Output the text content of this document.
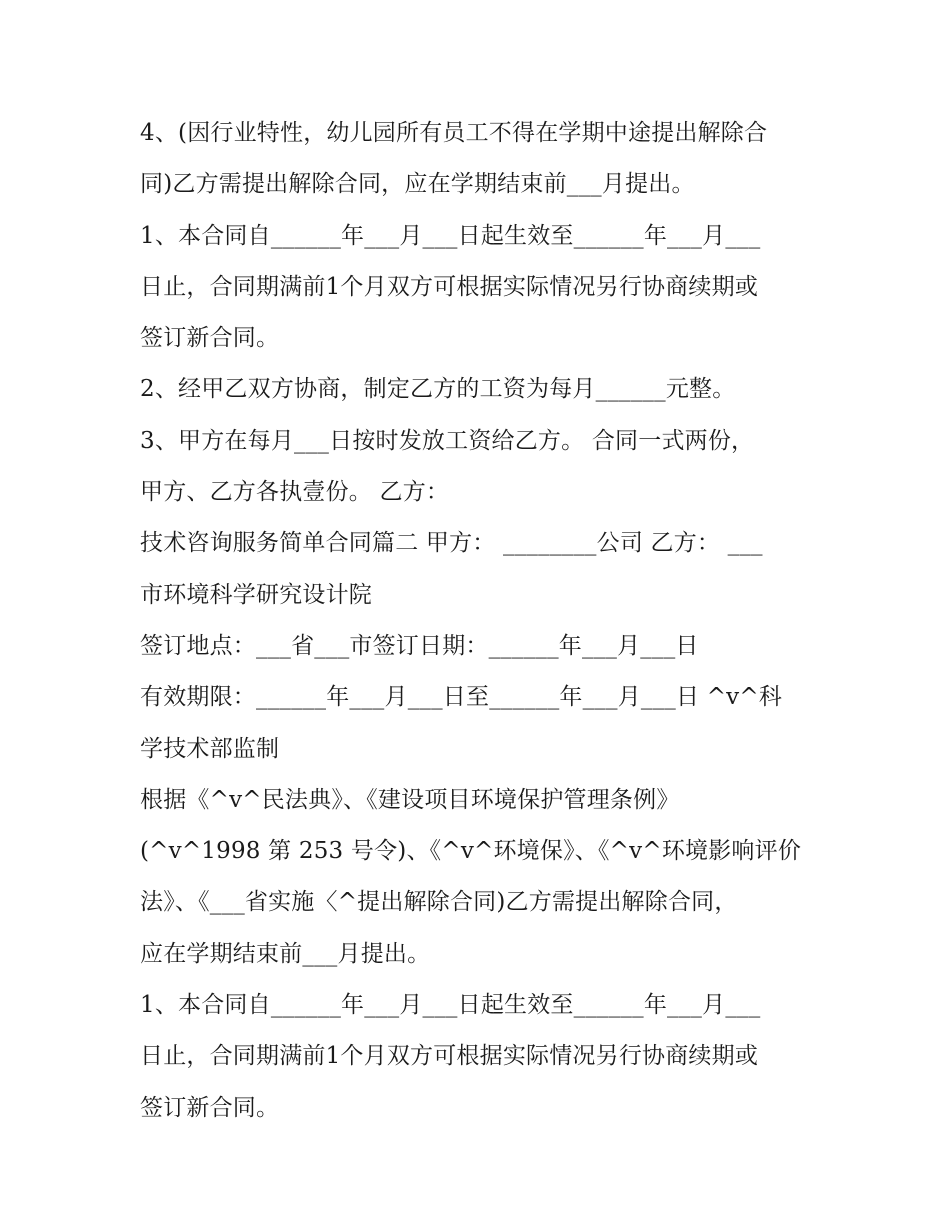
4、(因行业特性，幼儿园所有员工不得在学期中途提出解除合
同)乙方需提出解除合同，应在学期结束前___月提出。
1、本合同自______年___月___日起生效至______年___月___
日止，合同期满前1个月双方可根据实际情况另行协商续期或
签订新合同。
2、经甲乙双方协商，制定乙方的工资为每月______元整。
3、甲方在每月___日按时发放工资给乙方。 合同一式两份，
甲方、乙方各执壹份。 乙方：
技术咨询服务简单合同篇二 甲方： ________公司 乙方： ___
市环境科学研究设计院
签订地点：___省___市签订日期：______年___月___日
有效期限：______年___月___日至______年___月___日 ^v^科
学技术部监制
根据《^v^民法典》、《建设项目环境保护管理条例》
(^v^1998 第 253 号令)、《^v^环境保》、《^v^环境影响评价
法》、《___省实施〈^提出解除合同)乙方需提出解除合同，
应在学期结束前___月提出。
1、本合同自______年___月___日起生效至______年___月___
日止，合同期满前1个月双方可根据实际情况另行协商续期或
签订新合同。
